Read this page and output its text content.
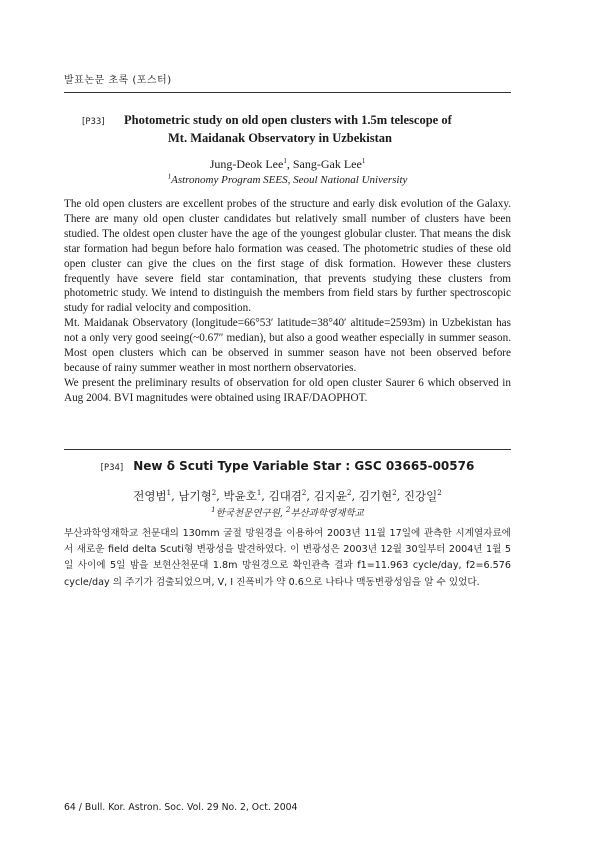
발표논문 초록 (포스터)
[P33] Photometric study on old open clusters with 1.5m telescope of
Mt. Maidanak Observatory in Uzbekistan
Jung-Deok Lee$^1$, Sang-Gak Lee$^1$
$^1$Astronomy Program SEES, Seoul National University

The old open clusters are excellent probes of the structure and early disk evolution of the Galaxy. There are many old open cluster candidates but relatively small number of clusters have been studied. The oldest open cluster have the age of the youngest globular cluster. That means the disk star formation had begun before halo formation was ceased. The photometric studies of these old open cluster can give the clues on the first stage of disk formation. However these clusters frequently have severe field star contamination, that prevents studying these clusters from photometric study. We intend to distinguish the members from field stars by further spectroscopic study for radial velocity and composition.

Mt. Maidanak Observatory (longitude=66°53′ latitude=38°40′ altitude=2593m) in Uzbekistan has not a only very good seeing(~0.67″ median), but also a good weather especially in summer season. Most open clusters which can be observed in summer season have not been observed before because of rainy summer weather in most northern observatories.

We present the preliminary results of observation for old open cluster Saurer 6 which observed in Aug 2004. BVI magnitudes were obtained using IRAF/DAOPHOT.

[P34] New δ Scuti Type Variable Star : GSC 03665-00576
전영범$^1$, 남기형$^2$, 박윤호$^1$, 김대겸$^2$, 김지윤$^2$, 김기현$^2$, 진강일$^2$
$^1$한국천문연구원, $^2$부산과학영재학교

부산과학영재학교 천문대의 130mm 굴절 망원경을 이용하여 2003년 11월 17일에 관측한 시계열자료에서 새로운 field delta Scuti형 변광성을 발견하였다. 이 변광성은 2003년 12월 30일부터 2004년 1월 5일 사이에 5일 밤을 보현산천문대 1.8m 망원경으로 확인관측 결과 f1=11.963 cycle/day, f2=6.576 cycle/day 의 주기가 검출되었으며, V, I 진폭비가 약 0.6으로 나타나 맥동변광성임을 알 수 있었다.

64 / Bull. Kor. Astron. Soc. Vol. 29 No. 2, Oct. 2004
